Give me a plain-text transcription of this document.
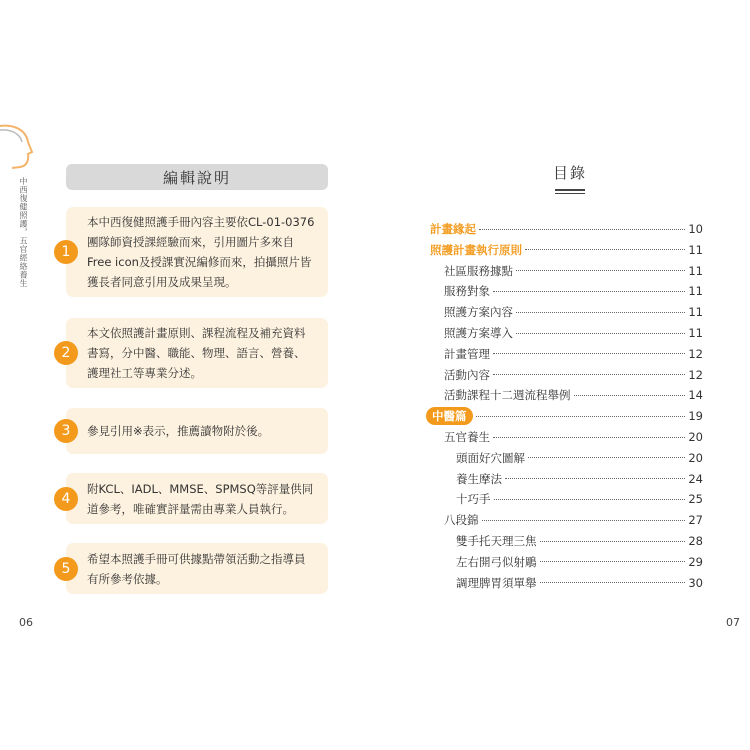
中西復健照護，五官經絡養生	編輯說明
1
本中西復健照護手冊內容主要依CL-01-0376
團隊師資授課經驗而來，引用圖片多來自
Free icon及授課實況編修而來，拍攝照片皆
獲長者同意引用及成果呈現。
2
本文依照護計畫原則、課程流程及補充資料
書寫，分中醫、職能、物理、語言、營養、
護理社工等專業分述。
3	參見引用※表示，推薦讀物附於後。
4
附KCL、IADL、MMSE、SPMSQ等評量供同
道參考，唯確實評量需由專業人員執行。
5
希望本照護手冊可供據點帶領活動之指導員
有所參考依據。
06
目錄
計畫緣起	10
照護計畫執行原則	11
社區服務據點	11
服務對象	11
照護方案內容	11
照護方案導入	11
計畫管理	12
活動內容	12
活動課程十二週流程舉例	14
中醫篇	19
五官養生	20
頭面好穴圖解	20
養生摩法	24
十巧手	25
八段錦	27
雙手托天理三焦	28
左右開弓似射鵰	29
調理脾胃須單舉	30
07
